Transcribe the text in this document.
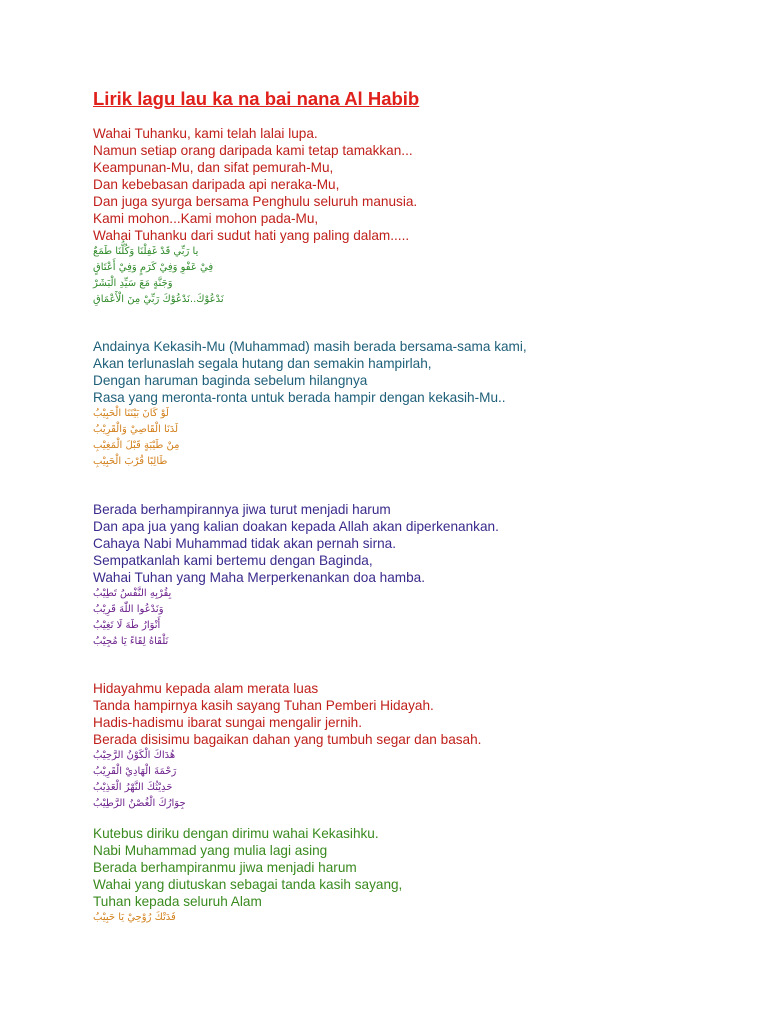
Lirik lagu lau ka na bai nana Al Habib
Wahai Tuhanku, kami telah lalai lupa.
Namun setiap orang daripada kami tetap tamakkan...
Keampunan-Mu, dan sifat pemurah-Mu,
Dan kebebasan daripada api neraka-Mu,
Dan juga syurga bersama Penghulu seluruh manusia.
Kami mohon...Kami mohon pada-Mu,
Wahai Tuhanku dari sudut hati yang paling dalam.....
يا رَبِّي قَدْ غَفِلْنَا وَكُلُّنَا طَمَعٌ
فِيْ عَفْوِ وَفِيْ كَرَمٍ وَفِيْ أَعْتَاقٍ
وَجَنَّةٍ مَعَ سَيِّدِ الْبَشَرْ
نَدْعُوْكَ..نَدْعُوْكَ رَبِّيْ مِنَ الْأَعْمَاقِ
Andainya Kekasih-Mu (Muhammad) masih berada bersama-sama kami,
Akan terlunaslah segala hutang dan semakin hampirlah,
Dengan haruman baginda sebelum hilangnya
Rasa yang meronta-ronta untuk berada hampir dengan kekasih-Mu..
لَوْ كَانَ بَيْنَنَا الْحَبِيْبُ
لَدَنَا الْقَاصِيْ وَالْقَرِيْبُ
مِنْ طَيْبَةٍ قَبْلَ الْمَغِيْبِ
طَالِبًا قُرْبَ الْحَبِيْبِ
Berada berhampirannya jiwa turut menjadi harum
Dan apa jua yang kalian doakan kepada Allah akan diperkenankan.
Cahaya Nabi Muhammad tidak akan pernah sirna.
Sempatkanlah kami bertemu dengan Baginda,
Wahai Tuhan yang Maha Merperkenankan doa hamba.
بِقُرْبِهِ النَّفْسُ تَطِيْبُ
وَنَدْعُوا اللّٰهَ قَرِيْبُ
أَنْوَارُ طَهَ لَا تَغِيْبُ
نَلْقَاهُ لِقَاءً يَا مُجِيْبُ
Hidayahmu kepada alam merata luas
Tanda hampirnya kasih sayang Tuhan Pemberi Hidayah.
Hadis-hadismu ibarat sungai mengalir jernih.
Berada disisimu bagaikan dahan yang tumbuh segar dan basah.
هُدَاكَ الْكَوْنُ الرَّحِيْبُ
رَحْمَةَ الْهَادِيْ الْقَرِيْبُ
حَدِيْثُكَ النَّهْرُ الْعَذِيْبُ
جِوَارُكَ الْغُصْنُ الرَّطِيْبُ
Kutebus diriku dengan dirimu wahai Kekasihku.
Nabi Muhammad yang mulia lagi asing
Berada berhampiranmu jiwa menjadi harum
Wahai yang diutuskan sebagai tanda kasih sayang,
Tuhan kepada seluruh Alam
فَدَتْكَ رُوْحِيْ يَا حَبِيْبُ
